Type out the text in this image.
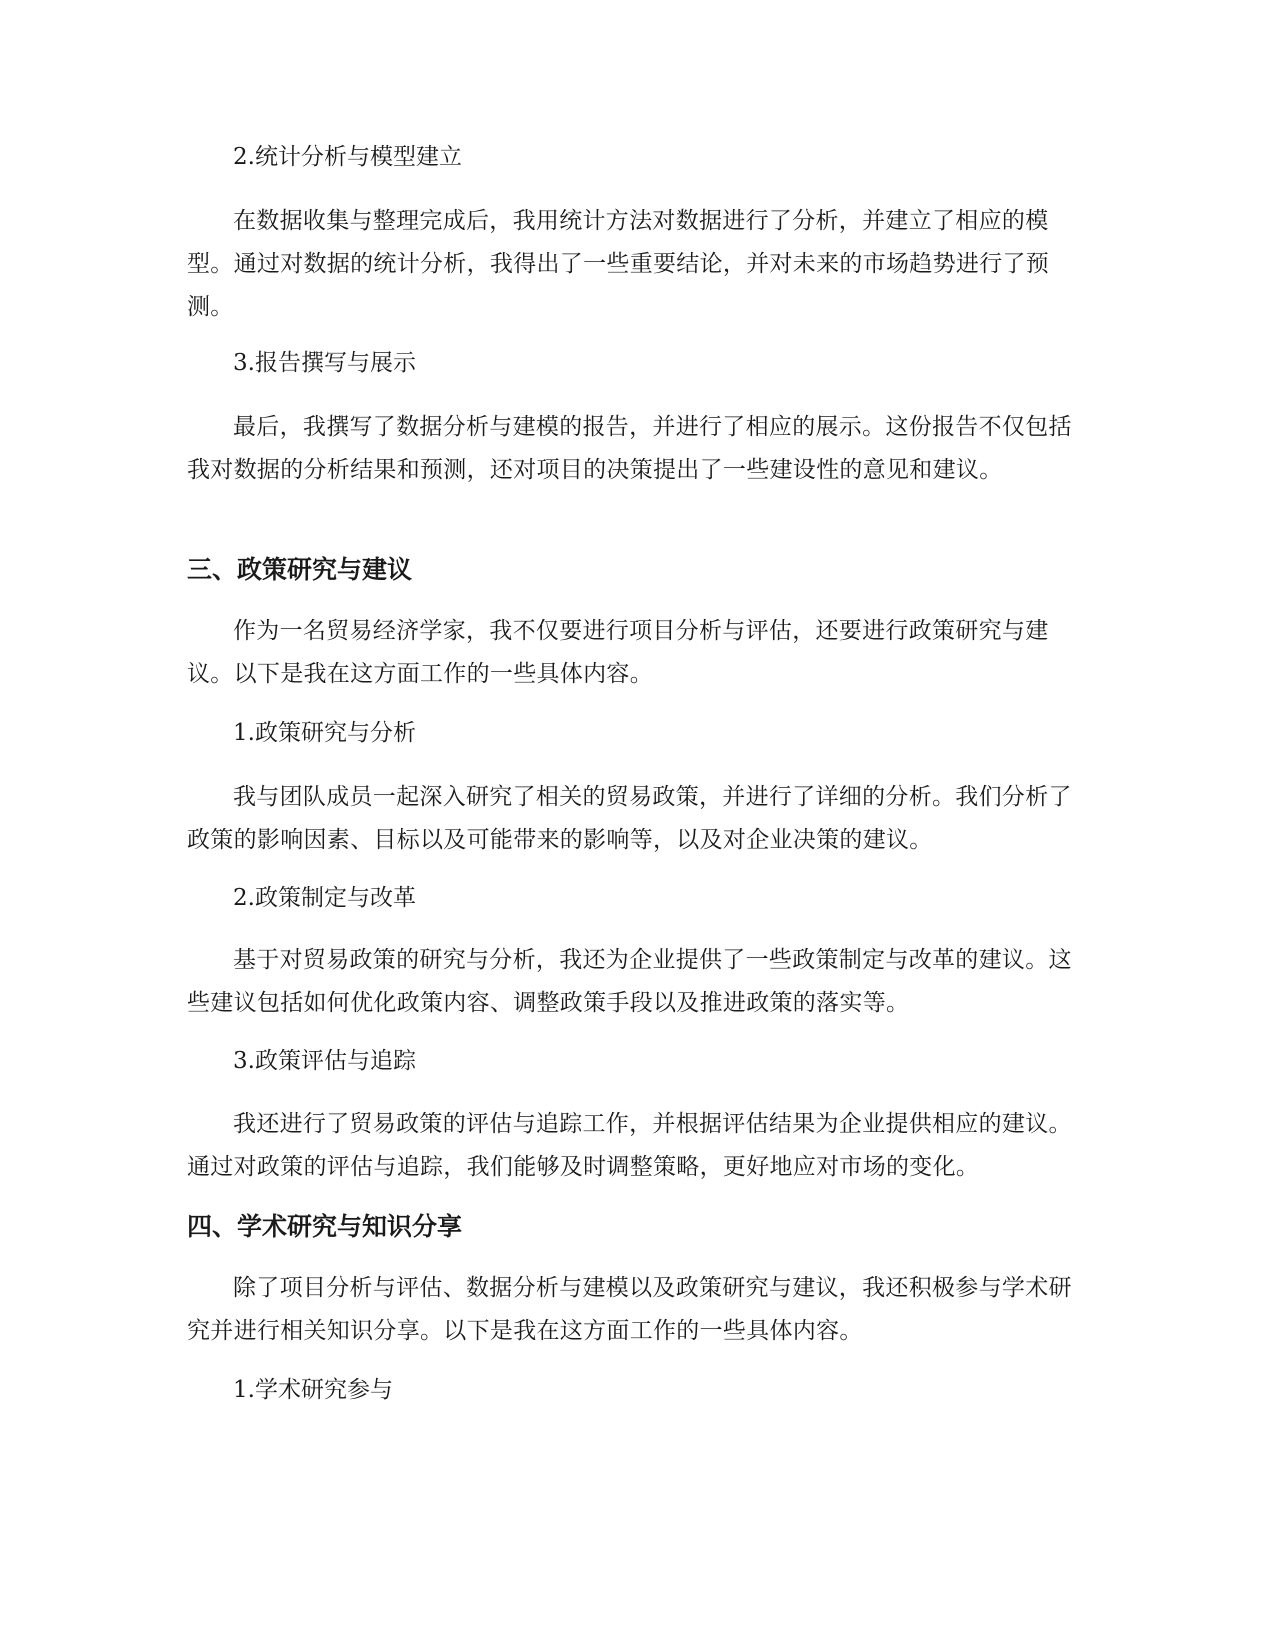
2.统计分析与模型建立

在数据收集与整理完成后，我用统计方法对数据进行了分析，并建立了相应的模型。通过对数据的统计分析，我得出了一些重要结论，并对未来的市场趋势进行了预测。

3.报告撰写与展示

最后，我撰写了数据分析与建模的报告，并进行了相应的展示。这份报告不仅包括我对数据的分析结果和预测，还对项目的决策提出了一些建设性的意见和建议。

三、政策研究与建议

作为一名贸易经济学家，我不仅要进行项目分析与评估，还要进行政策研究与建议。以下是我在这方面工作的一些具体内容。

1.政策研究与分析

我与团队成员一起深入研究了相关的贸易政策，并进行了详细的分析。我们分析了政策的影响因素、目标以及可能带来的影响等，以及对企业决策的建议。

2.政策制定与改革

基于对贸易政策的研究与分析，我还为企业提供了一些政策制定与改革的建议。这些建议包括如何优化政策内容、调整政策手段以及推进政策的落实等。

3.政策评估与追踪

我还进行了贸易政策的评估与追踪工作，并根据评估结果为企业提供相应的建议。通过对政策的评估与追踪，我们能够及时调整策略，更好地应对市场的变化。

四、学术研究与知识分享

除了项目分析与评估、数据分析与建模以及政策研究与建议，我还积极参与学术研究并进行相关知识分享。以下是我在这方面工作的一些具体内容。

1.学术研究参与
